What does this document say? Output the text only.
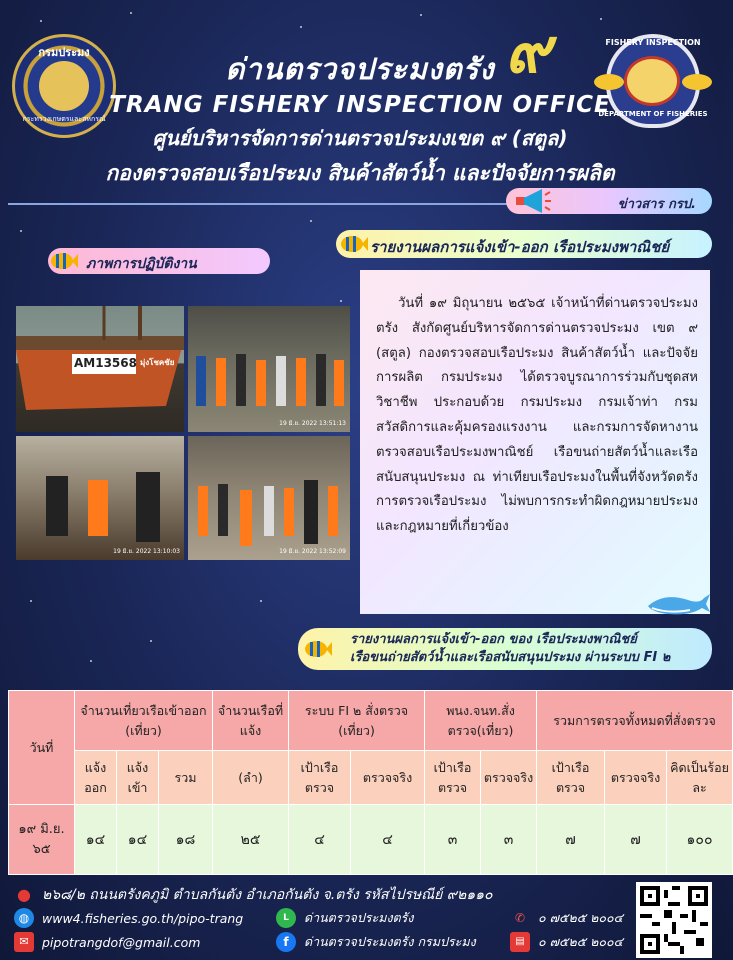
กรมประมง
กระทรวงเกษตรและสหกรณ์
๙	FISHERY INSPECTION
DEPARTMENT OF FISHERIES
ด่านตรวจประมงตรัง
TRANG FISHERY INSPECTION OFFICE
ศูนย์บริหารจัดการด่านตรวจประมงเขต ๙ (สตูล)
กองตรวจสอบเรือประมง สินค้าสัตว์น้ำ และปัจจัยการผลิต
ข่าวสาร กรป.
ภาพการปฏิบัติงาน
รายงานผลการแจ้งเข้า-ออก เรือประมงพาณิชย์
AM13568 มุ่งโชคชัย
19 มิ.ย. 2022 13:51:13
19 มิ.ย. 2022 13:10:03	19 มิ.ย. 2022 13:52:09

วันที่ ๑๙ มิถุนายน ๒๕๖๕ เจ้าหน้าที่ด่านตรวจประมงตรัง สังกัดศูนย์บริหารจัดการด่านตรวจประมง เขต ๙ (สตูล) กองตรวจสอบเรือประมง สินค้าสัตว์น้ำ และปัจจัยการผลิต กรมประมง ได้ตรวจบูรณาการร่วมกับชุดสหวิชาชีพ ประกอบด้วย กรมประมง กรมเจ้าท่า กรมสวัสดิการและคุ้มครองแรงงาน และกรมการจัดหางาน ตรวจสอบเรือประมงพาณิชย์ เรือขนถ่ายสัตว์น้ำและเรือสนับสนุนประมง ณ ท่าเทียบเรือประมงในพื้นที่จังหวัดตรัง การตรวจเรือประมง ไม่พบการกระทำผิดกฎหมายประมงและกฎหมายที่เกี่ยวข้อง

รายงานผลการแจ้งเข้า-ออก ของ เรือประมงพาณิชย์
เรือขนถ่ายสัตว์น้ำและเรือสนับสนุนประมง ผ่านระบบ FI ๒
วันที่	จำนวนเที่ยวเรือเข้าออก (เที่ยว)			จำนวนเรือที่แจ้ง	ระบบ FI ๒ สั่งตรวจ (เที่ยว)		พนง.จนท.สั่งตรวจ(เที่ยว)		รวมการตรวจทั้งหมดที่สั่งตรวจ		
	แจ้งออก	แจ้งเข้า	รวม	(ลำ)	เป้าเรือตรวจ	ตรวจจริง	เป้าเรือตรวจ	ตรวจจริง	เป้าเรือตรวจ	ตรวจจริง	คิดเป็นร้อยละ
๑๙ มิ.ย. ๖๕	๑๔	๑๔	๑๘	๒๕	๔	๔	๓	๓	๗	๗	๑๐๐
● ๒๖๘/๒ ถนนตรังคภูมิ ตำบลกันตัง อำเภอกันตัง จ.ตรัง รหัสไปรษณีย์ ๙๒๑๑๐
◍	www4.fisheries.go.th/pipo-trang	L	ด่านตรวจประมงตรัง	✆	๐ ๗๕๒๕ ๒๐๐๔
✉	pipotrangdof@gmail.com	f	ด่านตรวจประมงตรัง กรมประมง	▤	๐ ๗๕๒๕ ๒๐๐๔
